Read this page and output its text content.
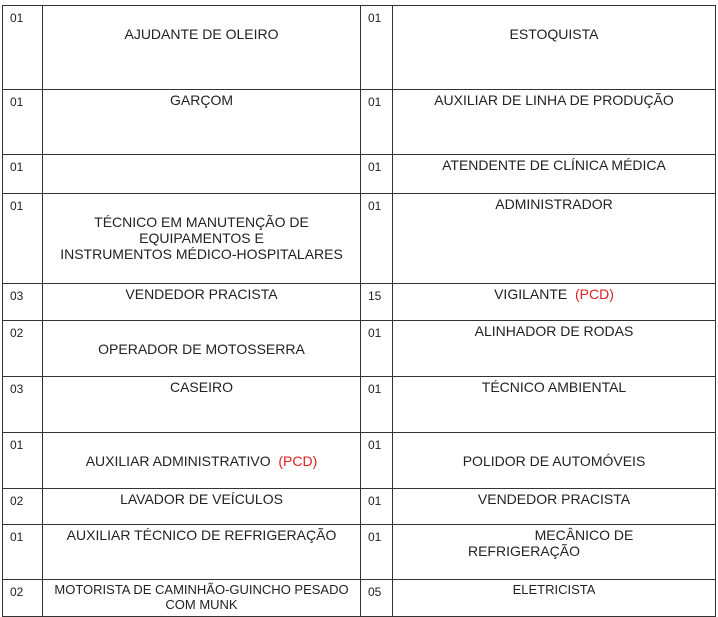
01	AJUDANTE DE OLEIRO	01	ESTOQUISTA

01	GARÇOM	01	AUXILIAR DE LINHA DE PRODUÇÃO

01		01	ATENDENTE DE CLÍNICA MÉDICA

01	TÉCNICO EM MANUTENÇÃO DE
EQUIPAMENTOS E
INSTRUMENTOS MÉDICO-HOSPITALARES	01	ADMINISTRADOR

03	VENDEDOR PRACISTA	15	VIGILANTE (PCD)

02	OPERADOR DE MOTOSSERRA	01	ALINHADOR DE RODAS

03	CASEIRO	01	TÉCNICO AMBIENTAL

01	AUXILIAR ADMINISTRATIVO (PCD)	01	POLIDOR DE AUTOMÓVEIS

02	LAVADOR DE VEÍCULOS	01	VENDEDOR PRACISTA

01	AUXILIAR TÉCNICO DE REFRIGERAÇÃO	01	MECÂNICO DE
REFRIGERAÇÃO

02	MOTORISTA DE CAMINHÃO-GUINCHO PESADO
COM MUNK	05	ELETRICISTA
